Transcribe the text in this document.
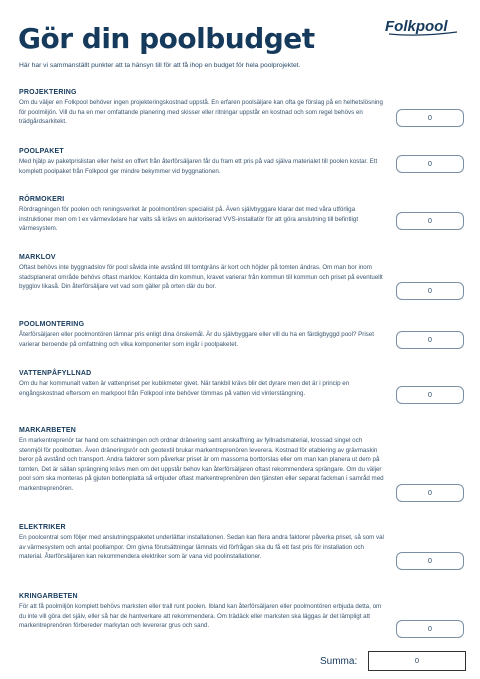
Gör din poolbudget	Folkpool
Här har vi sammanställt punkter att ta hänsyn till för att få ihop en budget för hela poolprojektet.
PROJEKTERING

Om du väljer en Folkpool behöver ingen projekteringskostnad uppstå. En erfaren poolsäljare kan ofta ge förslag på en helhetslösning för poolmiljön. Vill du ha en mer omfattande planering med skisser eller ritningar uppstår en kostnad och som regel behövs en trädgårdsarkitekt.	0
POOLPAKET

Med hjälp av paketprislistan eller helst en offert från återförsäljaren får du fram ett pris på vad själva materialet till poolen kostar. Ett komplett poolpaket från Folkpool ger mindre bekymmer vid byggnationen.

0
RÖRMOKERI

Rördragningen för poolen och reningsverket är poolmontören specialist på. Även självbyggare klarar det med våra utförliga instruktioner men om t ex värmeväxlare har valts så krävs en auktoriserad VVS-installatör för att göra anslutning till befintligt värmesystem.

0
MARKLOV

Oftast behövs inte byggnadslov för pool såvida inte avstånd till tomtgräns är kort och höjder på tomten ändras. Om man bor inom stadsplanerat område behövs oftast marklov. Kontakta din kommun, kravet varierar från kommun till kommun och priset på eventuellt bygglov likaså. Din återförsäljare vet vad som gäller på orten där du bor.

0
POOLMONTERING

Återförsäljaren eller poolmontören lämnar pris enligt dina önskemål. Är du självbyggare eller vill du ha en färdigbyggd pool? Priset varierar beroende på omfattning och vilka komponenter som ingår i poolpaketet.

0
VATTENPÅFYLLNAD

Om du har kommunalt vatten är vattenpriset per kubikmeter givet. När tankbil krävs blir det dyrare men det är i princip en engångskostnad eftersom en markpool från Folkpool inte behöver tömmas på vatten vid vinterstängning.	0
MARKARBETEN

En markentreprenör tar hand om schaktningen och ordnar dränering samt anskaffning av fyllnadsmaterial, krossad singel och stenmjöl för poolbotten. Även dräneringsrör och geotextil brukar markentreprenören leverera. Kostnad för etablering av grävmaskin beror på avstånd och transport. Andra faktorer som påverkar priset är om massorna borttorslas eller om man kan planera ut dem på tomten. Det är sällan sprängning krävs men om det uppstår behov kan återförsäljaren oftast rekommendera sprängare. Om du väljer pool som ska monteras på gjuten bottenplatta så erbjuder oftast markentreprenören den tjänsten eller separat fackman i samråd med markentreprenören.

0
ELEKTRIKER

En poolcentral som följer med anslutningspaketet underlättar installationen. Sedan kan flera andra faktorer påverka priset, så som val av värmesystem och antal poollampor. Om givna förutsättningar lämnats vid förfrågan ska du få ett fast pris för installation och material. Återförsäljaren kan rekommendera elektriker som är vana vid poolinstallationer.

0
KRINGARBETEN

För att få poolmiljön komplett behövs marksten eller trall runt poolen. Ibland kan återförsäljaren eller poolmontören erbjuda detta, om du inte vill göra det själv, eller så har de hantverkare att rekommendera. Om trädäck eller marksten ska läggas är det lämpligt att markentreprenören förbereder markytan och levererar grus och sand.

0
Summa:	0
